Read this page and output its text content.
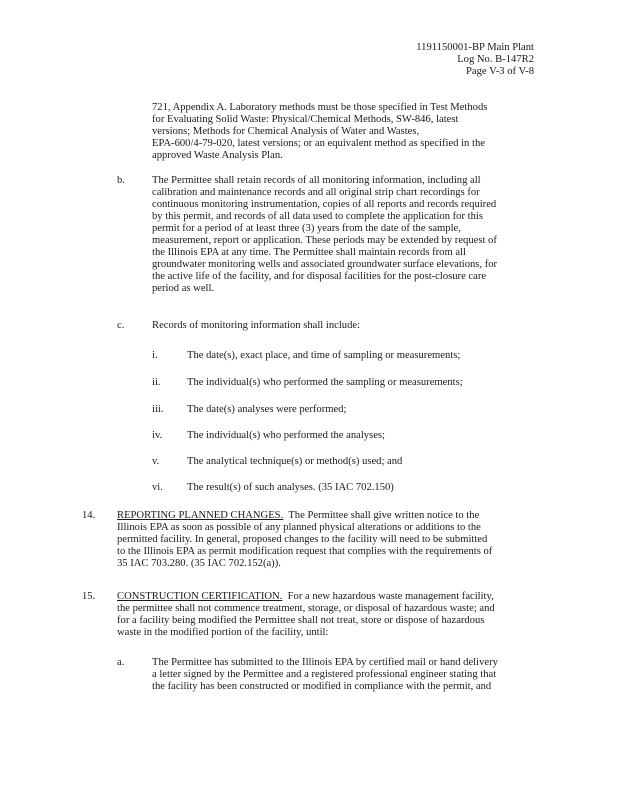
1191150001-BP Main Plant
Log No. B-147R2
Page V-3 of V-8
721, Appendix A. Laboratory methods must be those specified in Test Methods
for Evaluating Solid Waste: Physical/Chemical Methods, SW-846, latest
versions; Methods for Chemical Analysis of Water and Wastes,
EPA-600/4-79-020, latest versions; or an equivalent method as specified in the
approved Waste Analysis Plan.
b.	The Permittee shall retain records of all monitoring information, including all
calibration and maintenance records and all original strip chart recordings for
continuous monitoring instrumentation, copies of all reports and records required
by this permit, and records of all data used to complete the application for this
permit for a period of at least three (3) years from the date of the sample,
measurement, report or application. These periods may be extended by request of
the Illinois EPA at any time. The Permittee shall maintain records from all
groundwater monitoring wells and associated groundwater surface elevations, for
the active life of the facility, and for disposal facilities for the post-closure care
period as well.
c.	Records of monitoring information shall include:
i.	The date(s), exact place, and time of sampling or measurements;
ii. The individual(s) who performed the sampling or measurements;
iii. The date(s) analyses were performed;
iv. The individual(s) who performed the analyses;
v.	The analytical technique(s) or method(s) used; and
vi. The result(s) of such analyses. (35 IAC 702.150)
14. REPORTING PLANNED CHANGES.  The Permittee shall give written notice to the
Illinois EPA as soon as possible of any planned physical alterations or additions to the
permitted facility. In general, proposed changes to the facility will need to be submitted
to the Illinois EPA as permit modification request that complies with the requirements of
35 IAC 703.280. (35 IAC 702.152(a)).
15. CONSTRUCTION CERTIFICATION.  For a new hazardous waste management facility,
the permittee shall not commence treatment, storage, or disposal of hazardous waste; and
for a facility being modified the Permittee shall not treat, store or dispose of hazardous
waste in the modified portion of the facility, until:
a.	The Permittee has submitted to the Illinois EPA by certified mail or hand delivery
a letter signed by the Permittee and a registered professional engineer stating that
the facility has been constructed or modified in compliance with the permit, and
